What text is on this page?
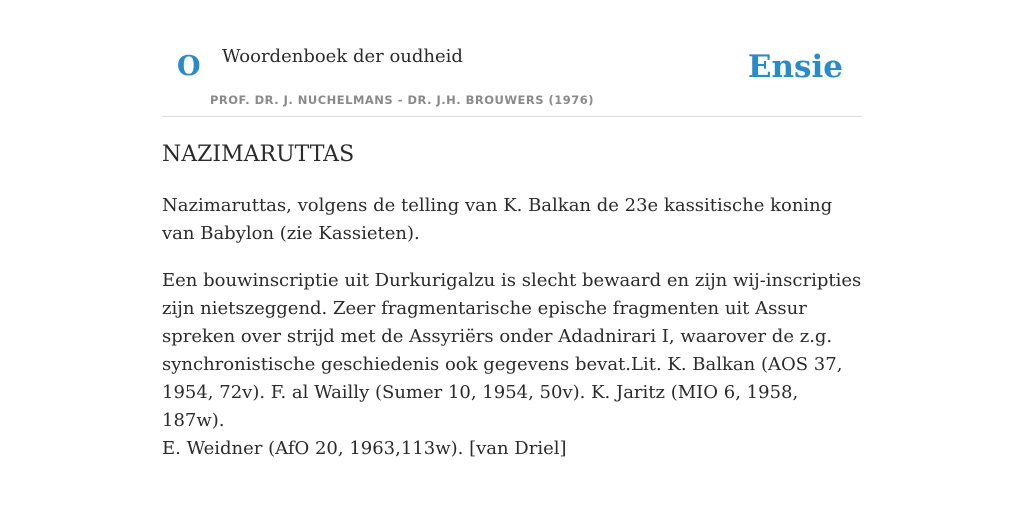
O Woordenboek der oudheid
PROF. DR. J. NUCHELMANS - DR. J.H. BROUWERS (1976)
Ensie
NAZIMARUTTAS

Nazimaruttas, volgens de telling van K. Balkan de 23e kassitische koning van Babylon (zie Kassieten).

Een bouwinscriptie uit Durkurigalzu is slecht bewaard en zijn wij-inscripties zijn nietszeggend. Zeer fragmentarische epische fragmenten uit Assur spreken over strijd met de Assyriërs onder Adadnirari I, waarover de z.g. synchronistische geschiedenis ook gegevens bevat.Lit. K. Balkan (AOS 37, 1954, 72v). F. al Wailly (Sumer 10, 1954, 50v). K. Jaritz (MIO 6, 1958, 187w).

E. Weidner (AfO 20, 1963,113w). [van Driel]
